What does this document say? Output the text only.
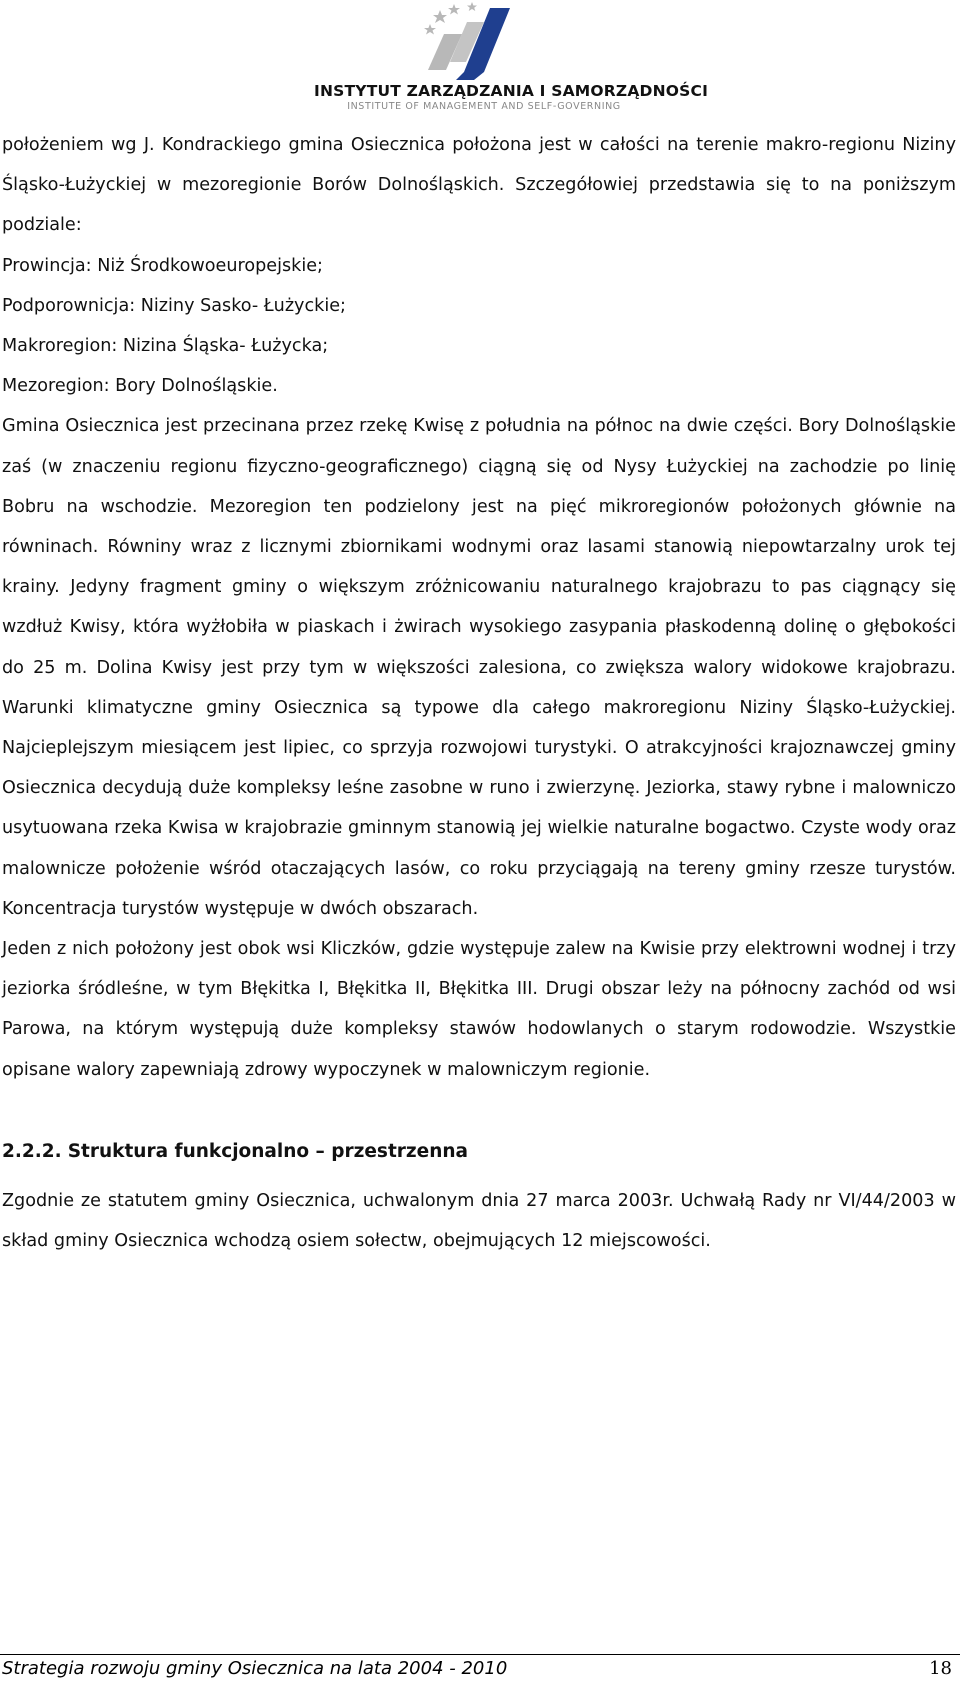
INSTYTUT ZARZĄDZANIA I SAMORZĄDNOŚCI
INSTITUTE OF MANAGEMENT AND SELF-GOVERNING

położeniem wg J. Kondrackiego gmina Osiecznica położona jest w całości na terenie makro-regionu Niziny Śląsko-Łużyckiej w mezoregionie Borów Dolnośląskich. Szczegółowiej przedstawia się to na poniższym podziale:

Prowincja: Niż Środkowoeuropejskie;

Podporownicja: Niziny Sasko- Łużyckie;

Makroregion: Nizina Śląska- Łużycka;

Mezoregion: Bory Dolnośląskie.

Gmina Osiecznica jest przecinana przez rzekę Kwisę z południa na północ na dwie części. Bory Dolnośląskie zaś (w znaczeniu regionu fizyczno-geograficznego) ciągną się od Nysy Łużyckiej na zachodzie po linię Bobru na wschodzie. Mezoregion ten podzielony jest na pięć mikroregionów położonych głównie na równinach. Równiny wraz z licznymi zbiornikami wodnymi oraz lasami stanowią niepowtarzalny urok tej krainy. Jedyny fragment gminy o większym zróżnicowaniu naturalnego krajobrazu to pas ciągnący się wzdłuż Kwisy, która wyżłobiła w piaskach i żwirach wysokiego zasypania płaskodenną dolinę o głębokości do 25 m. Dolina Kwisy jest przy tym w większości zalesiona, co zwiększa walory widokowe krajobrazu. Warunki klimatyczne gminy Osiecznica są typowe dla całego makroregionu Niziny Śląsko-Łużyckiej. Najcieplejszym miesiącem jest lipiec, co sprzyja rozwojowi turystyki. O atrakcyjności krajoznawczej gminy Osiecznica decydują duże kompleksy leśne zasobne w runo i zwierzynę. Jeziorka, stawy rybne i malowniczo usytuowana rzeka Kwisa w krajobrazie gminnym stanowią jej wielkie naturalne bogactwo. Czyste wody oraz malownicze położenie wśród otaczających lasów, co roku przyciągają na tereny gminy rzesze turystów. Koncentracja turystów występuje w dwóch obszarach.

Jeden z nich położony jest obok wsi Kliczków, gdzie występuje zalew na Kwisie przy elektrowni wodnej i trzy jeziorka śródleśne, w tym Błękitka I, Błękitka II, Błękitka III. Drugi obszar leży na północny zachód od wsi Parowa, na którym występują duże kompleksy stawów hodowlanych o starym rodowodzie. Wszystkie opisane walory zapewniają zdrowy wypoczynek w malowniczym regionie.

2.2.2. Struktura funkcjonalno – przestrzenna

Zgodnie ze statutem gminy Osiecznica, uchwalonym dnia 27 marca 2003r. Uchwałą Rady nr VI/44/2003 w skład gminy Osiecznica wchodzą osiem sołectw, obejmujących 12 miejscowości.

Strategia rozwoju gminy Osiecznica na lata 2004 - 2010	18
